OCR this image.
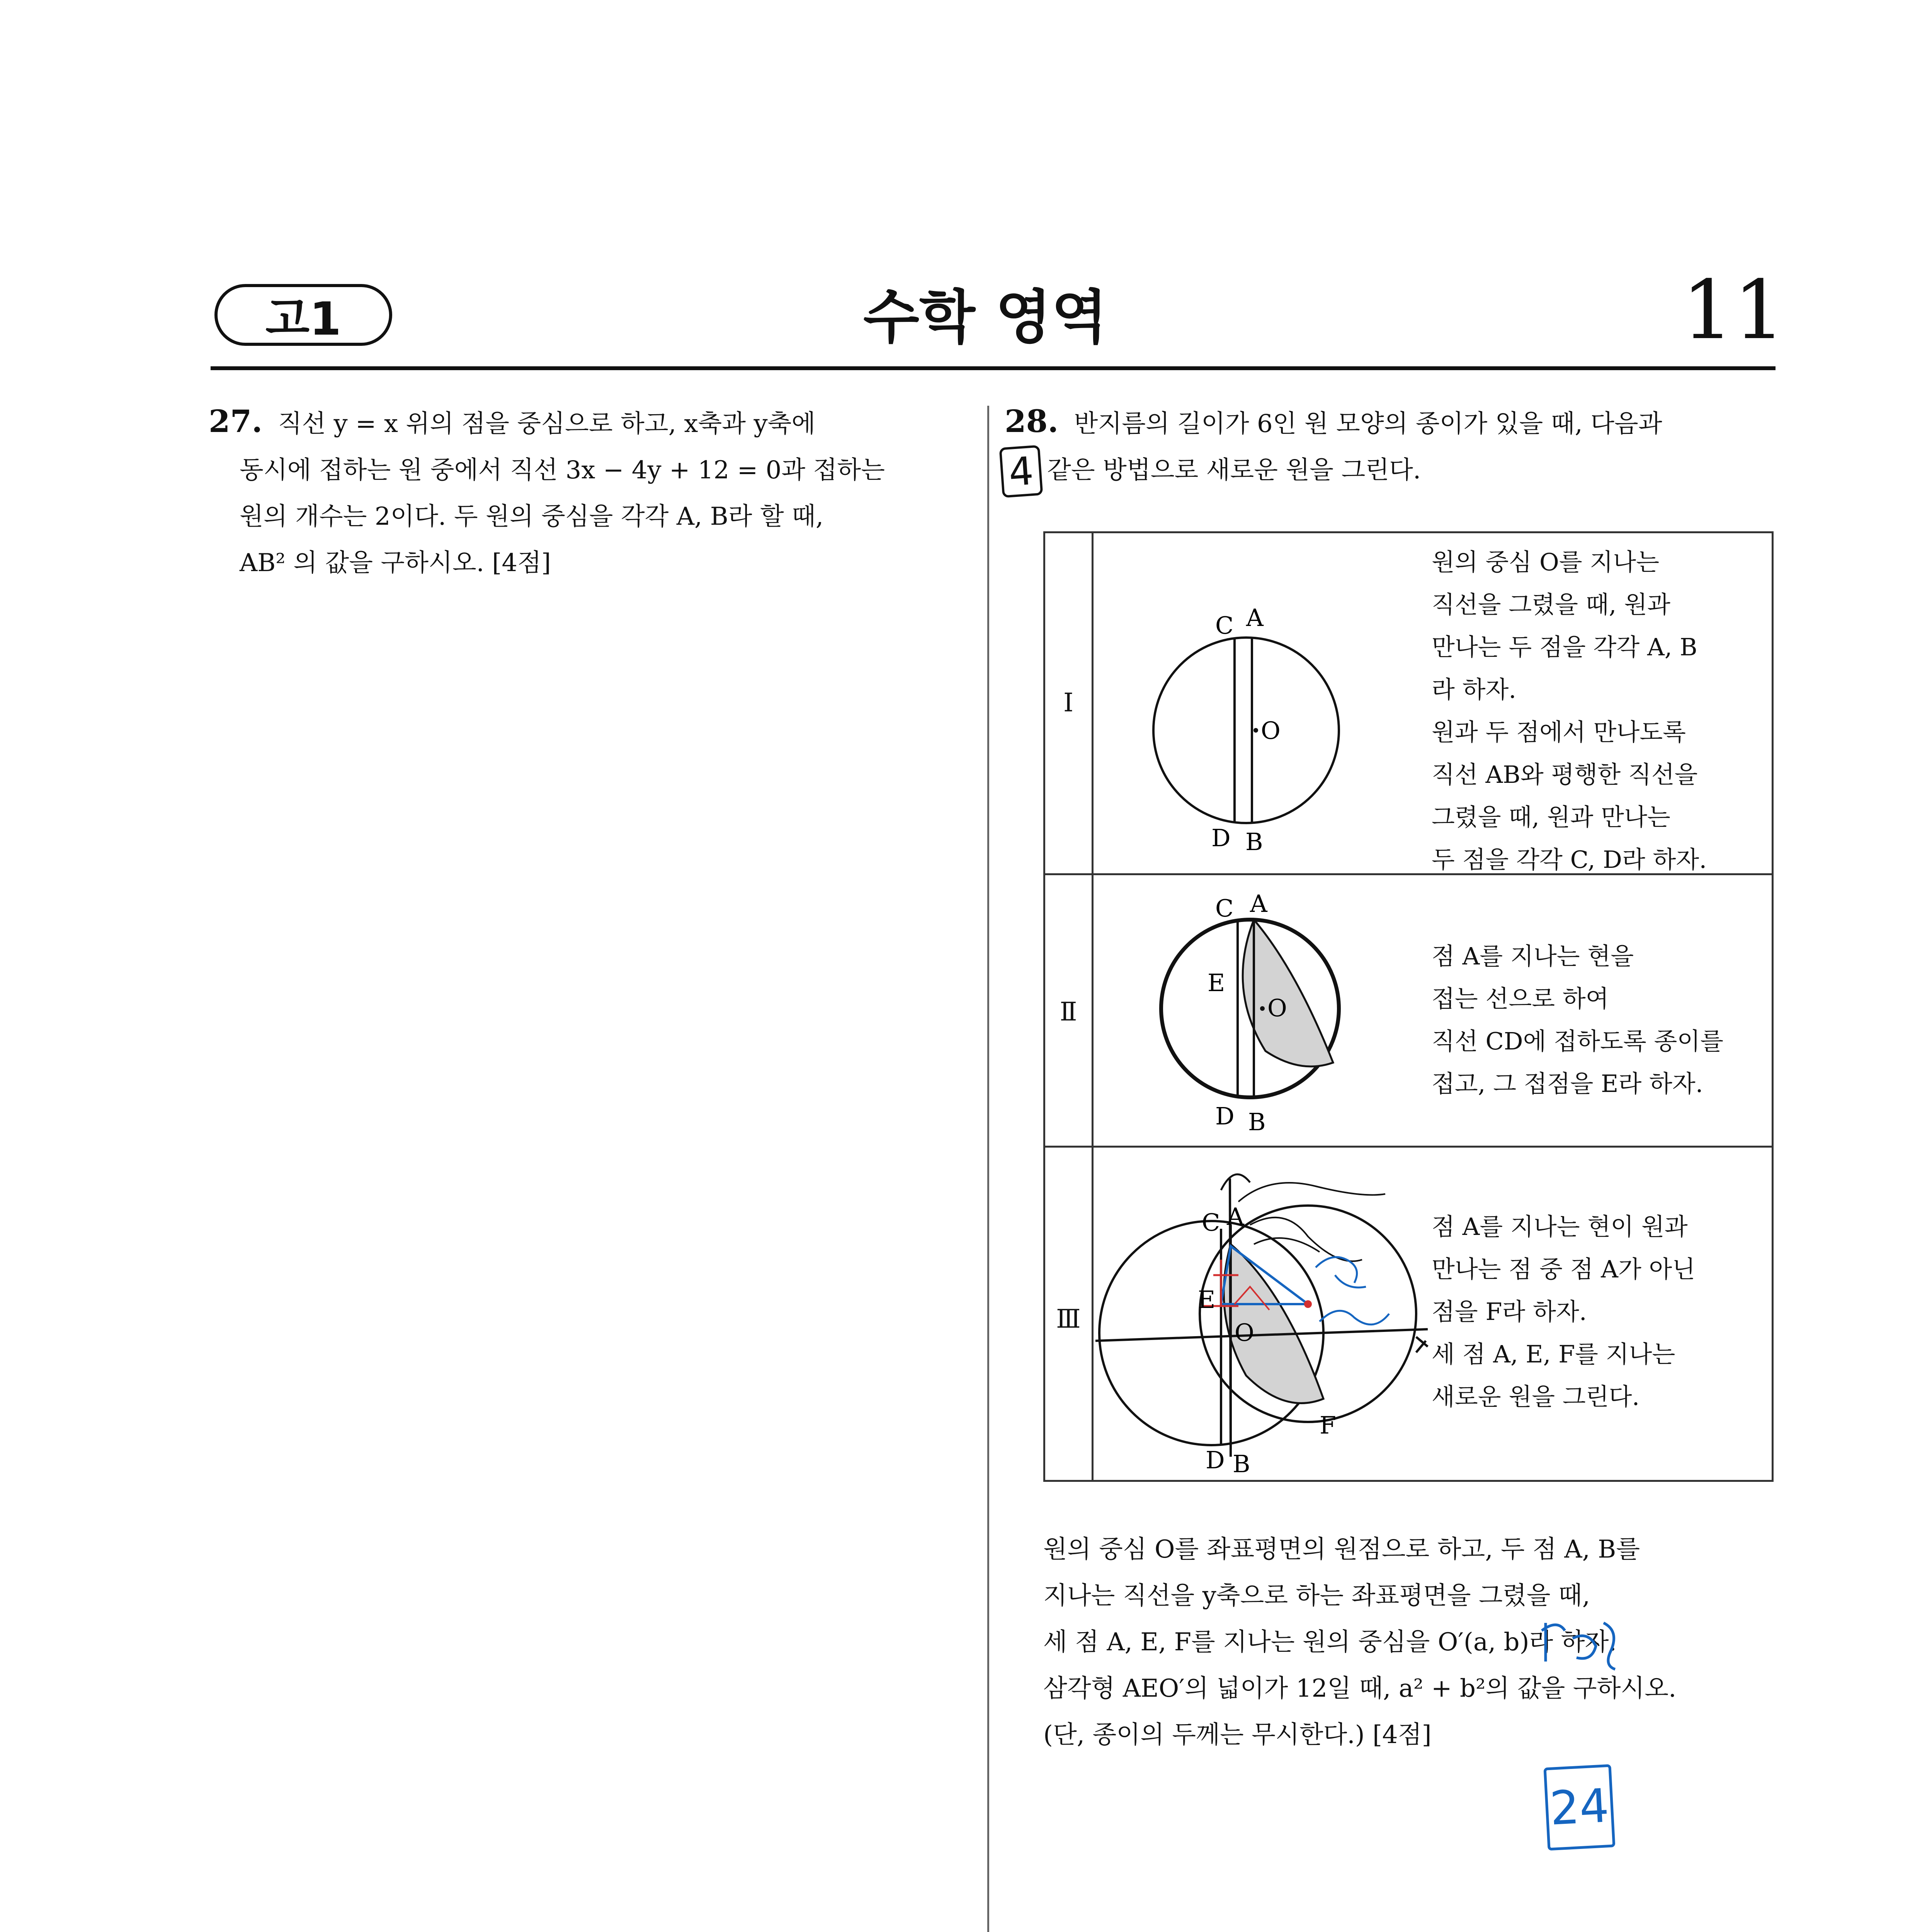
고1	수학 영역	11
27. 직선 y = x 위의 점을 중심으로 하고, x축과 y축에
동시에 접하는 원 중에서 직선 3x − 4y + 12 = 0과 접하는
원의 개수는 2이다. 두 원의 중심을 각각 A, B라 할 때,
AB² 의 값을 구하시오. [4점]
28. 반지름의 길이가 6인 원 모양의 종이가 있을 때, 다음과
같은 방법으로 새로운 원을 그린다.
4
Ⅰ
C A
O
D B
원의 중심 O를 지나는
직선을 그렸을 때, 원과
만나는 두 점을 각각 A, B
라 하자.
원과 두 점에서 만나도록
직선 AB와 평행한 직선을
그렸을 때, 원과 만나는
두 점을 각각 C, D라 하자.
Ⅱ
C A
E
O
D B
점 A를 지나는 현을
접는 선으로 하여
직선 CD에 접하도록 종이를
접고, 그 접점을 E라 하자.
Ⅲ
C A
E
O
D B
F
점 A를 지나는 현이 원과
만나는 점 중 점 A가 아닌
점을 F라 하자.
세 점 A, E, F를 지나는
새로운 원을 그린다.
원의 중심 O를 좌표평면의 원점으로 하고, 두 점 A, B를
지나는 직선을 y축으로 하는 좌표평면을 그렸을 때,
세 점 A, E, F를 지나는 원의 중심을 O′(a, b)라 하자.
삼각형 AEO′의 넓이가 12일 때, a² + b²의 값을 구하시오.
(단, 종이의 두께는 무시한다.) [4점]
24
